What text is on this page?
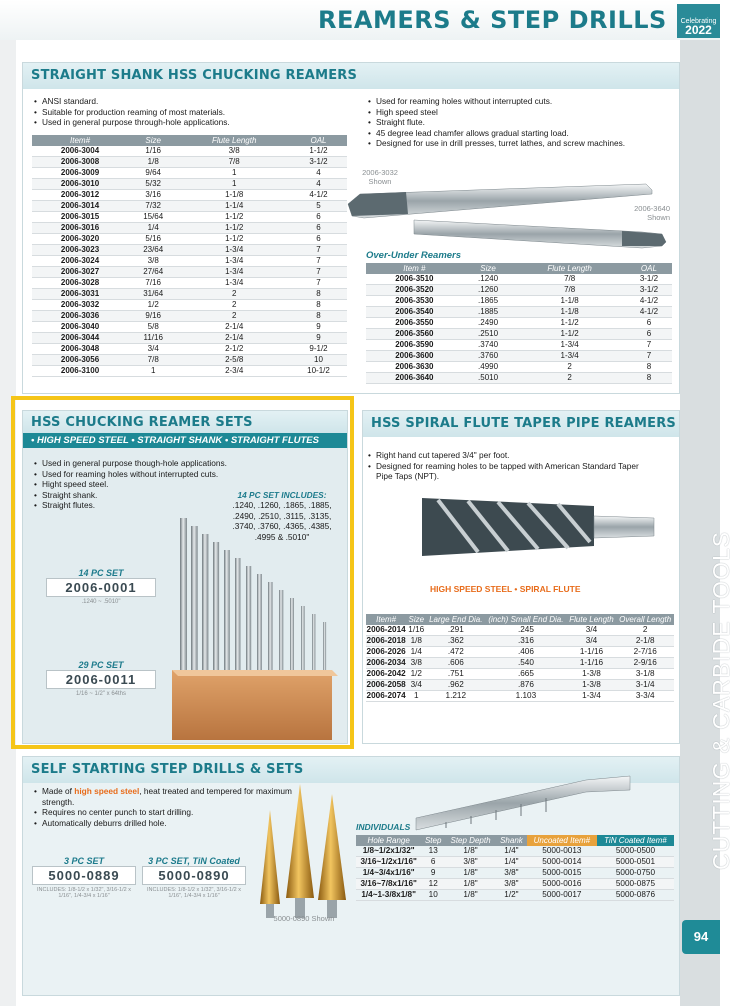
REAMERS & STEP DRILLS	Celebrating
2022
CUTTING & CARBIDE TOOLS
94
STRAIGHT SHANK HSS CHUCKING REAMERS
• ANSI standard.
• Suitable for production reaming of most materials.
• Used in general purpose through-hole applications.
• Used for reaming holes without interrupted cuts.
• High speed steel
• Straight flute.
• 45 degree lead chamfer allows gradual starting load.
• Designed for use in drill presses, turret lathes, and screw machines.
Item#	Size	Flute Length	OAL
2006-3004	1/16	3/8	1-1/2
2006-3008	1/8	7/8	3-1/2
2006-3009	9/64	1	4
2006-3010	5/32	1	4
2006-3012	3/16	1-1/8	4-1/2
2006-3014	7/32	1-1/4	5
2006-3015	15/64	1-1/2	6
2006-3016	1/4	1-1/2	6
2006-3020	5/16	1-1/2	6
2006-3023	23/64	1-3/4	7
2006-3024	3/8	1-3/4	7
2006-3027	27/64	1-3/4	7
2006-3028	7/16	1-3/4	7
2006-3031	31/64	2	8
2006-3032	1/2	2	8
2006-3036	9/16	2	8
2006-3040	5/8	2-1/4	9
2006-3044	11/16	2-1/4	9
2006-3048	3/4	2-1/2	9-1/2
2006-3056	7/8	2-5/8	10
2006-3100	1	2-3/4	10-1/2
2006-3032
Shown
2006-3640
Shown
Over-Under Reamers
Item #	Size	Flute Length	OAL
2006-3510	.1240	7/8	3-1/2
2006-3520	.1260	7/8	3-1/2
2006-3530	.1865	1-1/8	4-1/2
2006-3540	.1885	1-1/8	4-1/2
2006-3550	.2490	1-1/2	6
2006-3560	.2510	1-1/2	6
2006-3590	.3740	1-3/4	7
2006-3600	.3760	1-3/4	7
2006-3630	.4990	2	8
2006-3640	.5010	2	8
HSS CHUCKING REAMER SETS
• HIGH SPEED STEEL • STRAIGHT SHANK • STRAIGHT FLUTES
• Used in general purpose though-hole applications.
• Used for reaming holes without interrupted cuts.
• Hight speed steel.
• Straight shank.
• Straight flutes.
14 PC SET INCLUDES:
.1240, .1260, .1865, .1885, .2490, .2510, .3115, .3135, .3740, .3760, .4365, .4385, .4995 & .5010"
14 PC SET
2006-0001
.1240 ~ .5010"
29 PC SET
2006-0011
1/16 ~ 1/2" x 64ths
HSS SPIRAL FLUTE TAPER PIPE REAMERS
• Right hand cut tapered 3/4" per foot.
• Designed for reaming holes to be tapped with American Standard Taper Pipe Taps (NPT).
HIGH SPEED STEEL • SPIRAL FLUTE
Item#	Size	Large End Dia.	(inch) Small End Dia.	Flute Length	Overall Length
2006-2014	1/16	.291	.245	3/4	2
2006-2018	1/8	.362	.316	3/4	2-1/8
2006-2026	1/4	.472	.406	1-1/16	2-7/16
2006-2034	3/8	.606	.540	1-1/16	2-9/16
2006-2042	1/2	.751	.665	1-3/8	3-1/8
2006-2058	3/4	.962	.876	1-3/8	3-1/4
2006-2074	1	1.212	1.103	1-3/4	3-3/4
SELF STARTING STEP DRILLS & SETS
• Made of high speed steel, heat treated and tempered for maximum strength.
• Requires no center punch to start drilling.
• Automatically deburrs drilled hole.
3 PC SET
5000-0889
INCLUDES: 1/8-1/2 x 1/32", 3/16-1/2 x 1/16", 1/4-3/4 x 1/16"
3 PC SET, TiN Coated
5000-0890
INCLUDES: 1/8-1/2 x 1/32", 3/16-1/2 x 1/16", 1/4-3/4 x 1/16"
5000-0890 Shown
INDIVIDUALS
Hole Range	Step	Step Depth	Shank	Uncoated Item#	TiN Coated Item#
1/8~1/2x1/32"	13	1/8"	1/4"	5000-0013	5000-0500
3/16~1/2x1/16"	6	3/8"	1/4"	5000-0014	5000-0501
1/4~3/4x1/16"	9	1/8"	3/8"	5000-0015	5000-0750
3/16~7/8x1/16"	12	1/8"	3/8"	5000-0016	5000-0875
1/4~1-3/8x1/8"	10	1/8"	1/2"	5000-0017	5000-0876
